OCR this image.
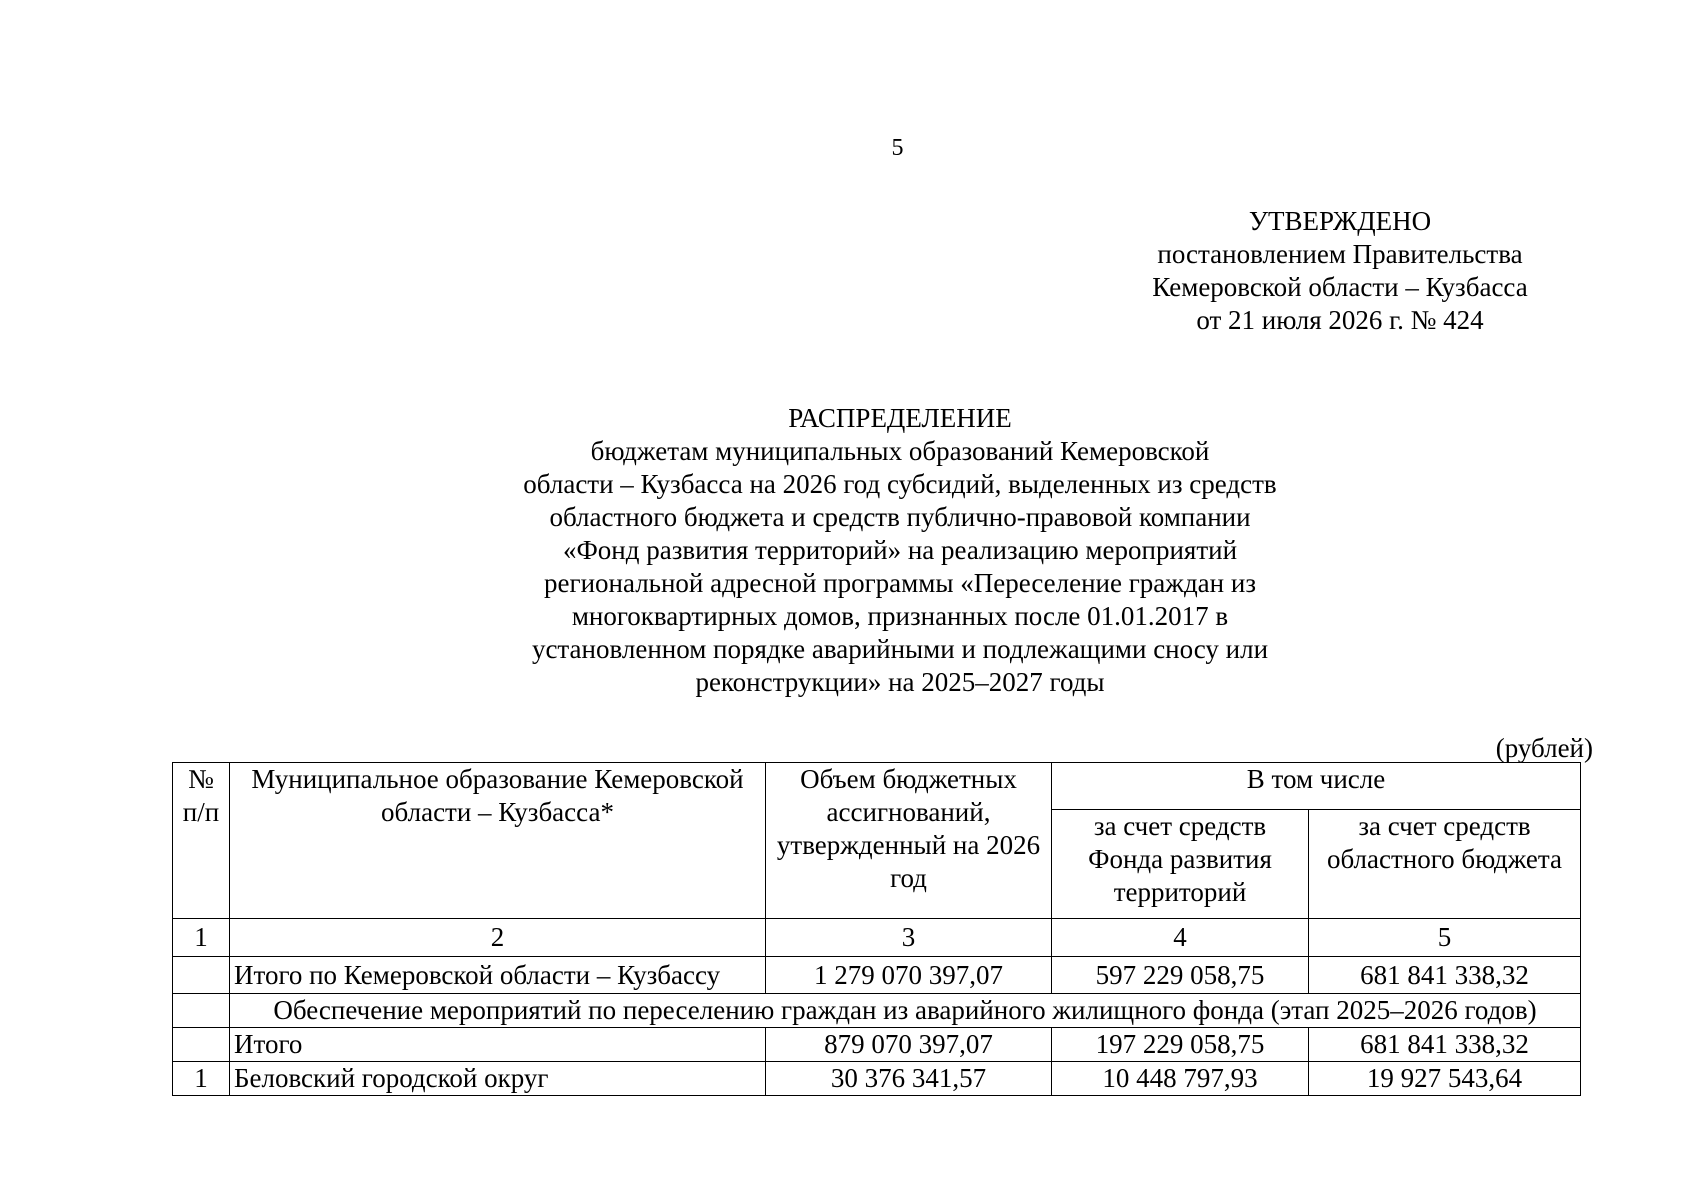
5
УТВЕРЖДЕНО
постановлением Правительства
Кемеровской области – Кузбасса
от 21 июля 2026 г. № 424
РАСПРЕДЕЛЕНИЕ
бюджетам муниципальных образований Кемеровской
области – Кузбасса на 2026 год субсидий, выделенных из средств
областного бюджета и средств публично-правовой компании
«Фонд развития территорий» на реализацию мероприятий
региональной адресной программы «Переселение граждан из
многоквартирных домов, признанных после 01.01.2017 в
установленном порядке аварийными и подлежащими сносу или
реконструкции» на 2025–2027 годы
(рублей)
№ п/п	Муниципальное образование Кемеровской области – Кузбасса*	Объем бюджетных ассигнований, утвержденный на 2026 год	В том числе	
			за счет средств Фонда развития территорий	за счет средств областного бюджета
1	2	3	4	5
	Итого по Кемеровской области – Кузбассу	1 279 070 397,07	597 229 058,75	681 841 338,32
	Обеспечение мероприятий по переселению граждан из аварийного жилищного фонда (этап 2025–2026 годов)			
	Итого	879 070 397,07	197 229 058,75	681 841 338,32
1	Беловский городской округ	30 376 341,57	10 448 797,93	19 927 543,64
